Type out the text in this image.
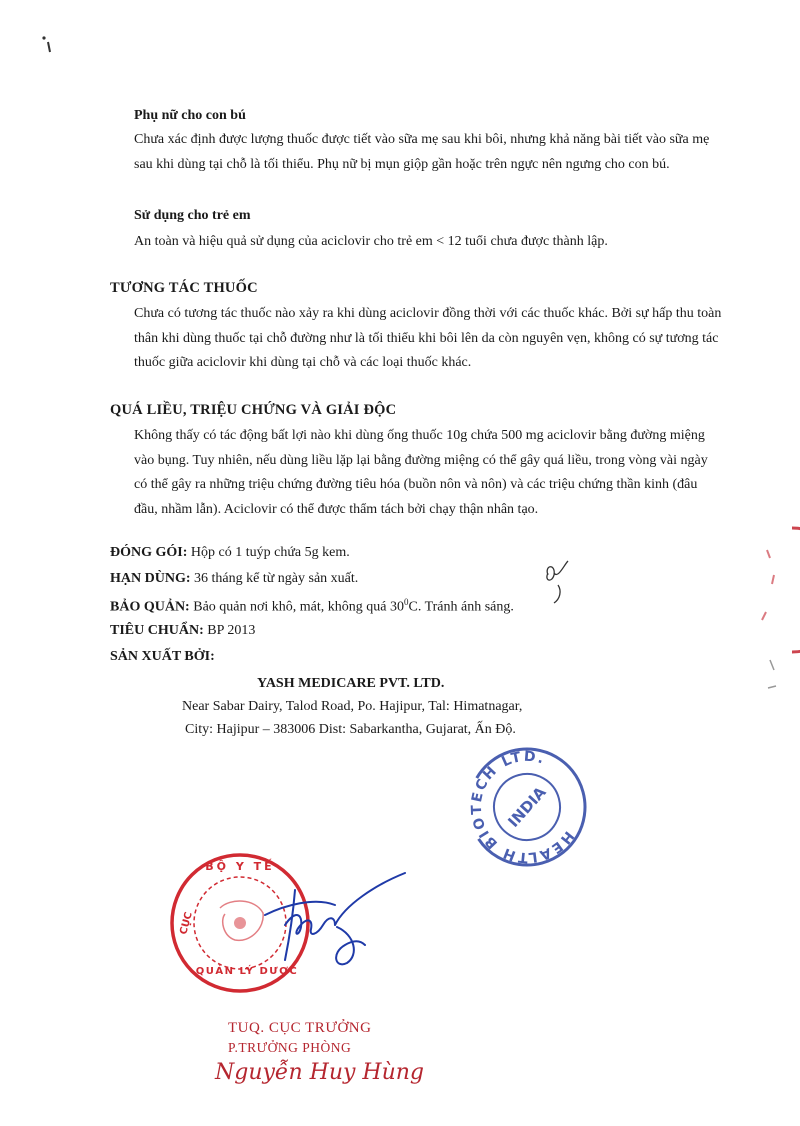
Phụ nữ cho con bú
Chưa xác định được lượng thuốc được tiết vào sữa mẹ sau khi bôi, nhưng khả năng bài tiết vào sữa mẹ sau khi dùng tại chỗ là tối thiểu. Phụ nữ bị mụn giộp gần hoặc trên ngực nên ngưng cho con bú.
Sử dụng cho trẻ em
An toàn và hiệu quả sử dụng của aciclovir cho trẻ em < 12 tuổi chưa được thành lập.
TƯƠNG TÁC THUỐC
Chưa có tương tác thuốc nào xảy ra khi dùng aciclovir đồng thời với các thuốc khác. Bởi sự hấp thu toàn thân khi dùng thuốc tại chỗ đường như là tối thiểu khi bôi lên da còn nguyên vẹn, không có sự tương tác thuốc giữa aciclovir khi dùng tại chỗ và các loại thuốc khác.
QUÁ LIỀU, TRIỆU CHỨNG VÀ GIẢI ĐỘC
Không thấy có tác động bất lợi nào khi dùng ống thuốc 10g chứa 500 mg aciclovir bằng đường miệng vào bụng. Tuy nhiên, nếu dùng liều lặp lại bằng đường miệng có thể gây quá liều, trong vòng vài ngày có thể gây ra những triệu chứng đường tiêu hóa (buồn nôn và nôn) và các triệu chứng thần kinh (đâu đầu, nhầm lẫn). Aciclovir có thể được thẩm tách bởi chạy thận nhân tạo.
ĐÓNG GÓI: Hộp có 1 tuýp chứa 5g kem.
HẠN DÙNG: 36 tháng kể từ ngày sản xuất.
BẢO QUẢN: Bảo quản nơi khô, mát, không quá $30^0C$. Tránh ánh sáng.
TIÊU CHUẨN: BP 2013
SẢN XUẤT BỞI:
YASH MEDICARE PVT. LTD.
Near Sabar Dairy, Talod Road, Po. Hajipur, Tal: Himatnagar,
City: Hajipur – 383006 Dist: Sabarkantha, Gujarat, Ấn Độ.
HEALTH BIOTECH LTD.
INDIA
BỘ Y TẾ
CỤC
QUẢN LÝ DƯỢC
TUQ. CỤC TRƯỞNG
P.TRƯỞNG PHÒNG
Nguyễn Huy Hùng
